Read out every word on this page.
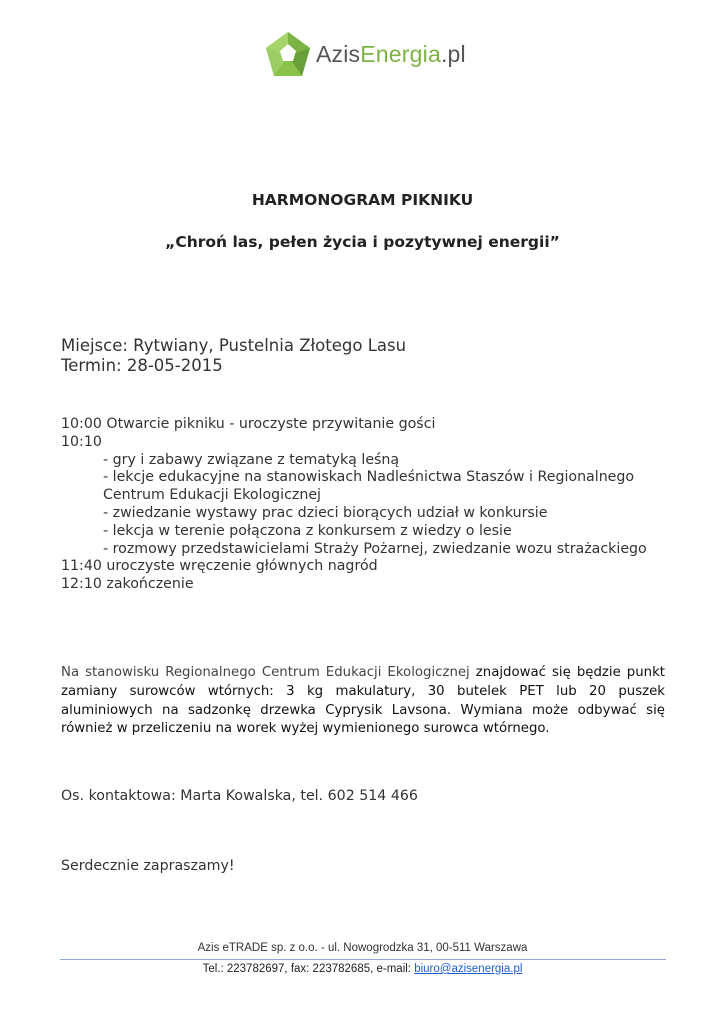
AzisEnergia.pl
HARMONOGRAM PIKNIKU
„Chroń las, pełen życia i pozytywnej energii”
Miejsce: Rytwiany, Pustelnia Złotego Lasu
Termin: 28-05-2015
10:00 Otwarcie pikniku - uroczyste przywitanie gości
10:10
- gry i zabawy związane z tematyką leśną
- lekcje edukacyjne na stanowiskach Nadleśnictwa Staszów i Regionalnego Centrum Edukacji Ekologicznej
- zwiedzanie wystawy prac dzieci biorących udział w konkursie
- lekcja w terenie połączona z konkursem z wiedzy o lesie
- rozmowy przedstawicielami Straży Pożarnej, zwiedzanie wozu strażackiego
11:40 uroczyste wręczenie głównych nagród
12:10 zakończenie
Na stanowisku Regionalnego Centrum Edukacji Ekologicznej znajdować się będzie punkt zamiany surowców wtórnych: 3 kg makulatury, 30 butelek PET lub 20 puszek aluminiowych na sadzonkę drzewka Cyprysik Lavsona. Wymiana może odbywać się również w przeliczeniu na worek wyżej wymienionego surowca wtórnego.
Os. kontaktowa: Marta Kowalska, tel. 602 514 466
Serdecznie zapraszamy!
Azis eTRADE sp. z o.o. - ul. Nowogrodzka 31, 00-511 Warszawa
Tel.: 223782697, fax: 223782685, e-mail: biuro@azisenergia.pl
